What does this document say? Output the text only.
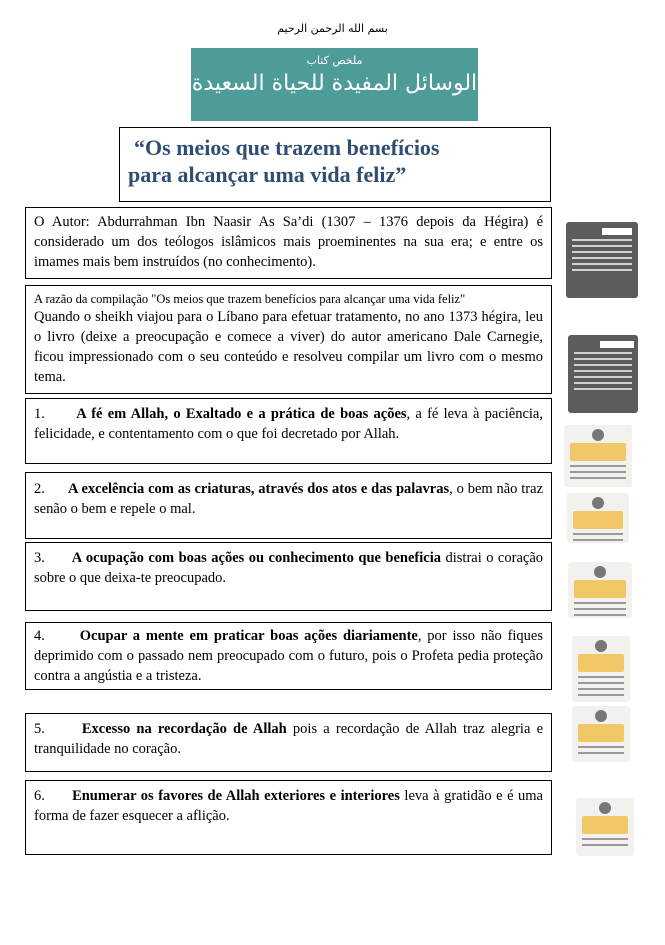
بسم الله الرحمن الرحيم
ملخص كتاب
الوسائل المفيدة للحياة السعيدة
“Os meios que trazem benefícios
para alcançar uma vida feliz”
O Autor: Abdurrahman Ibn Naasir As Sa’di (1307 – 1376 depois da Hégira) é considerado um dos teólogos islâmicos mais proeminentes na sua era; e entre os imames mais bem instruídos (no conhecimento).
A razão da compilação "Os meios que trazem benefícios para alcançar uma vida feliz"
Quando o sheikh viajou para o Líbano para efetuar tratamento, no ano 1373 hégira, leu o livro (deixe a preocupação e comece a viver) do autor americano Dale Carnegie, ficou impressionado com o seu conteúdo e resolveu compilar um livro com o mesmo tema.
1. A fé em Allah, o Exaltado e a prática de boas ações, a fé leva à paciência, felicidade, e contentamento com o que foi decretado por Allah.
2. A excelência com as criaturas, através dos atos e das palavras, o bem não traz senão o bem e repele o mal.
3. A ocupação com boas ações ou conhecimento que beneficia distrai o coração sobre o que deixa-te preocupado.
4. Ocupar a mente em praticar boas ações diariamente, por isso não fiques deprimido com o passado nem preocupado com o futuro, pois o Profeta pedia proteção contra a angústia e a tristeza.
5.	Excesso na recordação de Allah pois a recordação de Allah traz alegria e tranquilidade no coração.
6. Enumerar os favores de Allah exteriores e interiores leva à gratidão e é uma forma de fazer esquecer a aflição.
